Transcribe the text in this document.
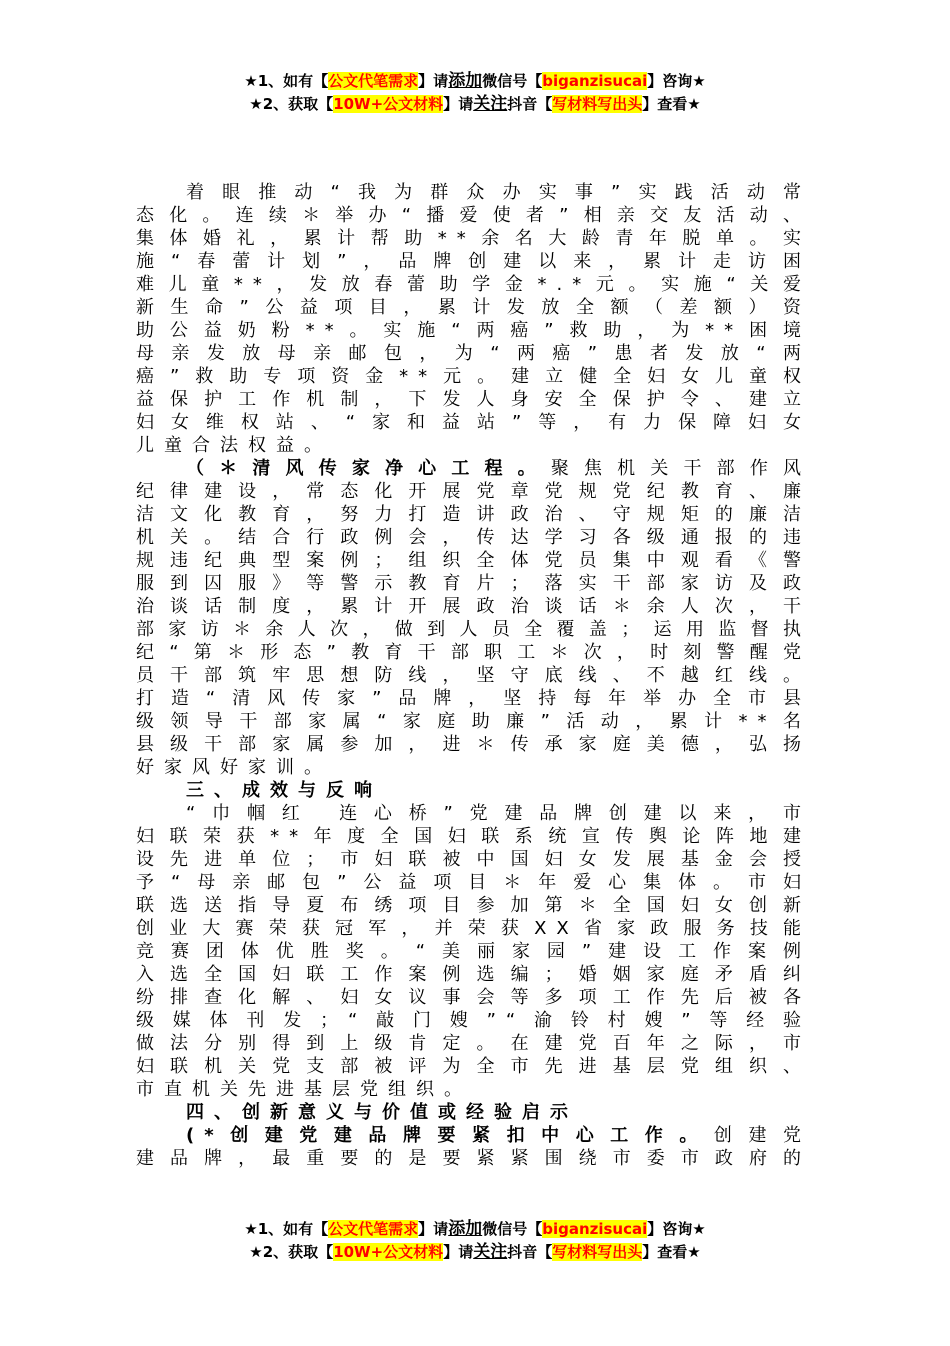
★1、如有【公文代笔需求】请添加微信号【biganzisucai】咨询★
★2、获取【10W+公文材料】请关注抖音【写材料写出头】查看★

着眼推动“我为群众办实事”实践活动常

态化。连续＊举办“播爱使者”相亲交友活动、

集体婚礼，累计帮助**余名大龄青年脱单。实

施“春蕾计划”，品牌创建以来，累计走访困

难儿童**，发放春蕾助学金*.*元。实施“关爱

新生命”公益项目，累计发放全额（差额）资

助公益奶粉**。实施“两癌”救助，为**困境

母亲发放母亲邮包，为“两癌”患者发放“两

癌”救助专项资金**元。建立健全妇女儿童权

益保护工作机制，下发人身安全保护令、建立

妇女维权站、“家和益站”等，有力保障妇女

儿童合法权益。

（＊清风传家净心工程。聚焦机关干部作风

纪律建设，常态化开展党章党规党纪教育、廉

洁文化教育，努力打造讲政治、守规矩的廉洁

机关。结合行政例会，传达学习各级通报的违

规违纪典型案例；组织全体党员集中观看《警

服到囚服》等警示教育片；落实干部家访及政

治谈话制度，累计开展政治谈话＊余人次，干

部家访＊余人次，做到人员全覆盖；运用监督执

纪“第＊形态”教育干部职工＊次，时刻警醒党

员干部筑牢思想防线，坚守底线、不越红线。

打造“清风传家”品牌，坚持每年举办全市县

级领导干部家属“家庭助廉”活动，累计**名

县级干部家属参加，进＊传承家庭美德，弘扬

好家风好家训。

三、成效与反响

“巾帼红 连心桥”党建品牌创建以来，市

妇联荣获**年度全国妇联系统宣传舆论阵地建

设先进单位；市妇联被中国妇女发展基金会授

予“母亲邮包”公益项目＊年爱心集体。市妇

联选送指导夏布绣项目参加第＊全国妇女创新

创业大赛荣获冠军，并荣获XX省家政服务技能

竞赛团体优胜奖。“美丽家园”建设工作案例

入选全国妇联工作案例选编；婚姻家庭矛盾纠

纷排查化解、妇女议事会等多项工作先后被各

级媒体刊发；“敲门嫂”“渝铃村嫂”等经验

做法分别得到上级肯定。在建党百年之际，市

妇联机关党支部被评为全市先进基层党组织、

市直机关先进基层党组织。

四、创新意义与价值或经验启示

(*创建党建品牌要紧扣中心工作。创建党

建品牌，最重要的是要紧紧围绕市委市政府的

★1、如有【公文代笔需求】请添加微信号【biganzisucai】咨询★
★2、获取【10W+公文材料】请关注抖音【写材料写出头】查看★
